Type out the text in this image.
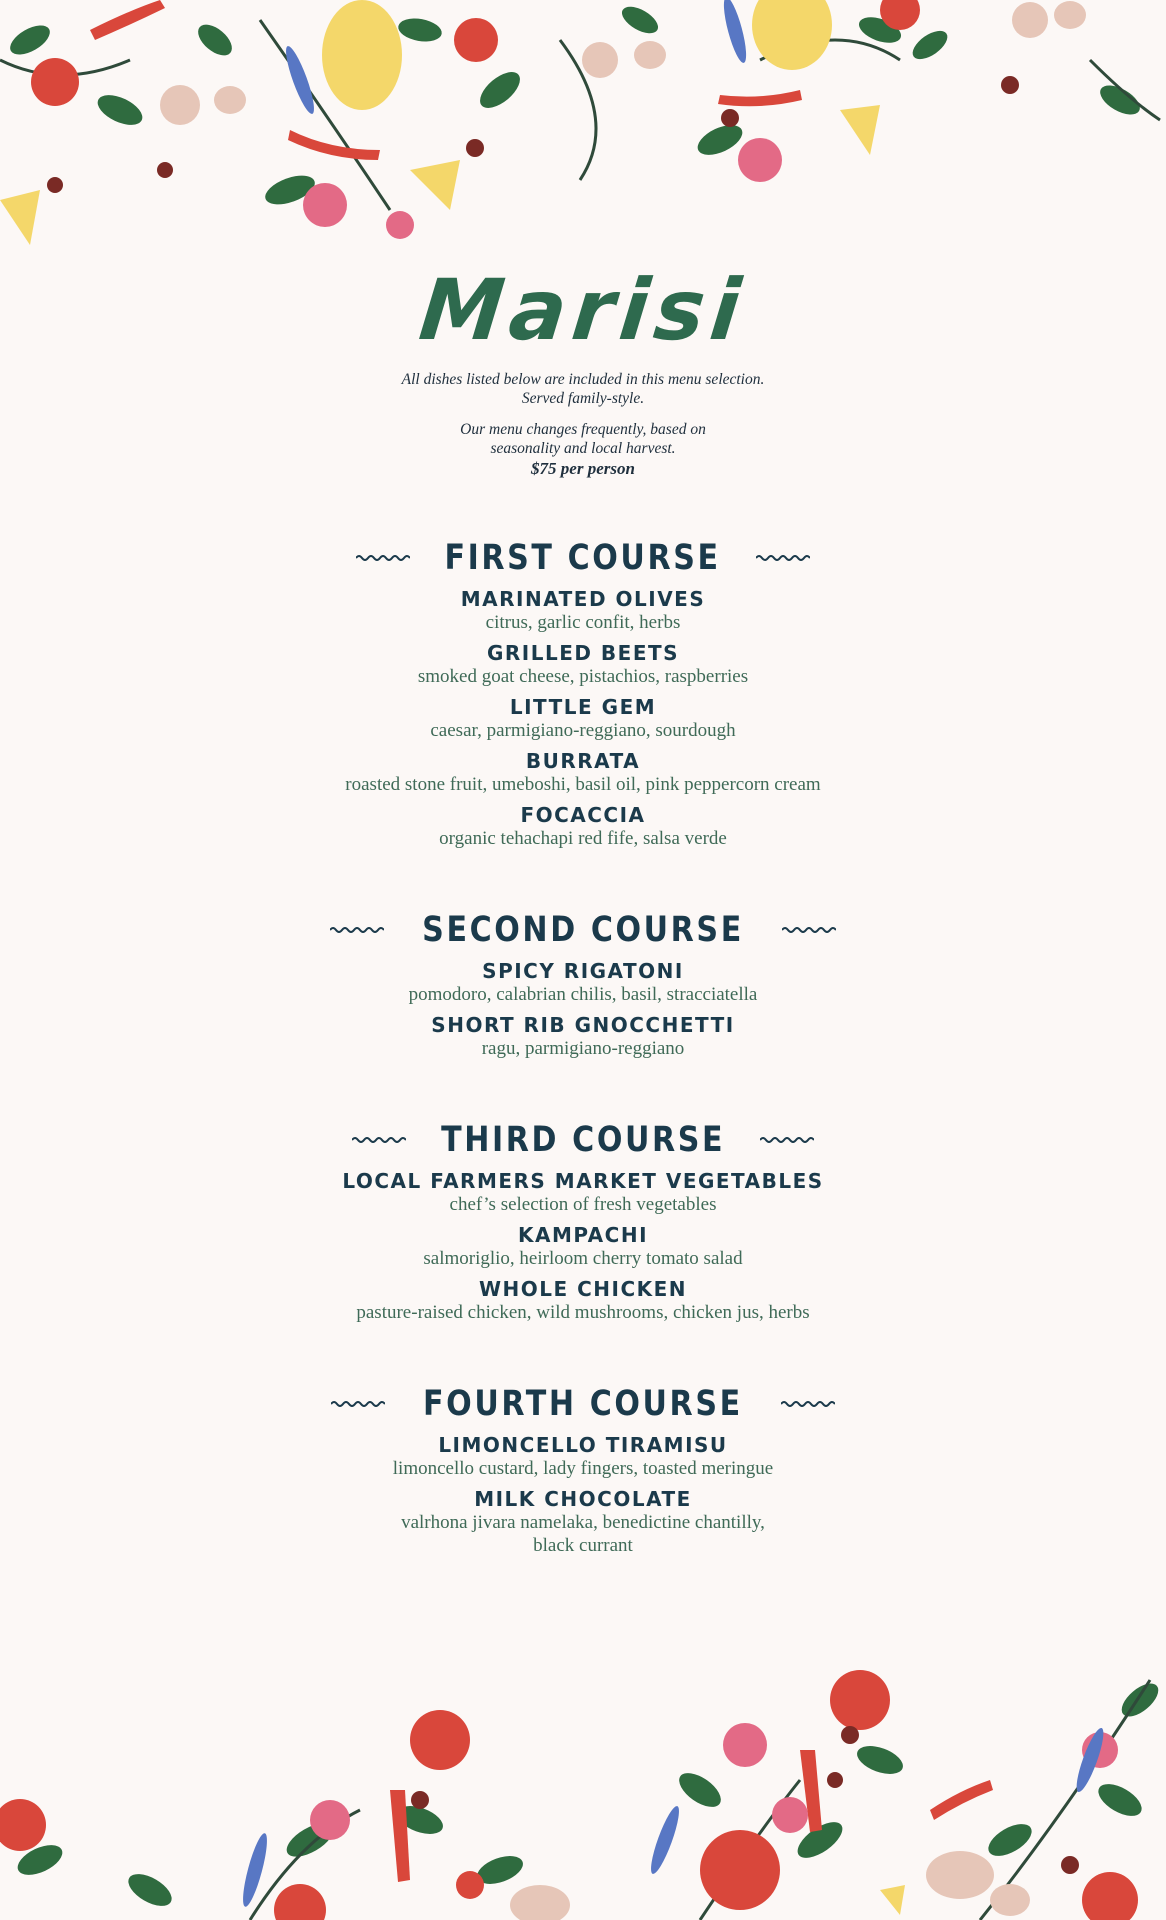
Marisi

All dishes listed below are included in this menu selection.

Served family-style.

Our menu changes frequently, based on

seasonality and local harvest.

$75 per person

FIRST COURSE
MARINATED OLIVES
citrus, garlic confit, herbs
GRILLED BEETS
smoked goat cheese, pistachios, raspberries
LITTLE GEM
caesar, parmigiano-reggiano, sourdough
BURRATA
roasted stone fruit, umeboshi, basil oil, pink peppercorn cream
FOCACCIA
organic tehachapi red fife, salsa verde
SECOND COURSE
SPICY RIGATONI
pomodoro, calabrian chilis, basil, stracciatella
SHORT RIB GNOCCHETTI
ragu, parmigiano-reggiano
THIRD COURSE
LOCAL FARMERS MARKET VEGETABLES
chef’s selection of fresh vegetables
KAMPACHI
salmoriglio, heirloom cherry tomato salad
WHOLE CHICKEN
pasture-raised chicken, wild mushrooms, chicken jus, herbs
FOURTH COURSE
LIMONCELLO TIRAMISU
limoncello custard, lady fingers, toasted meringue
MILK CHOCOLATE
valrhona jivara namelaka, benedictine chantilly,
black currant
